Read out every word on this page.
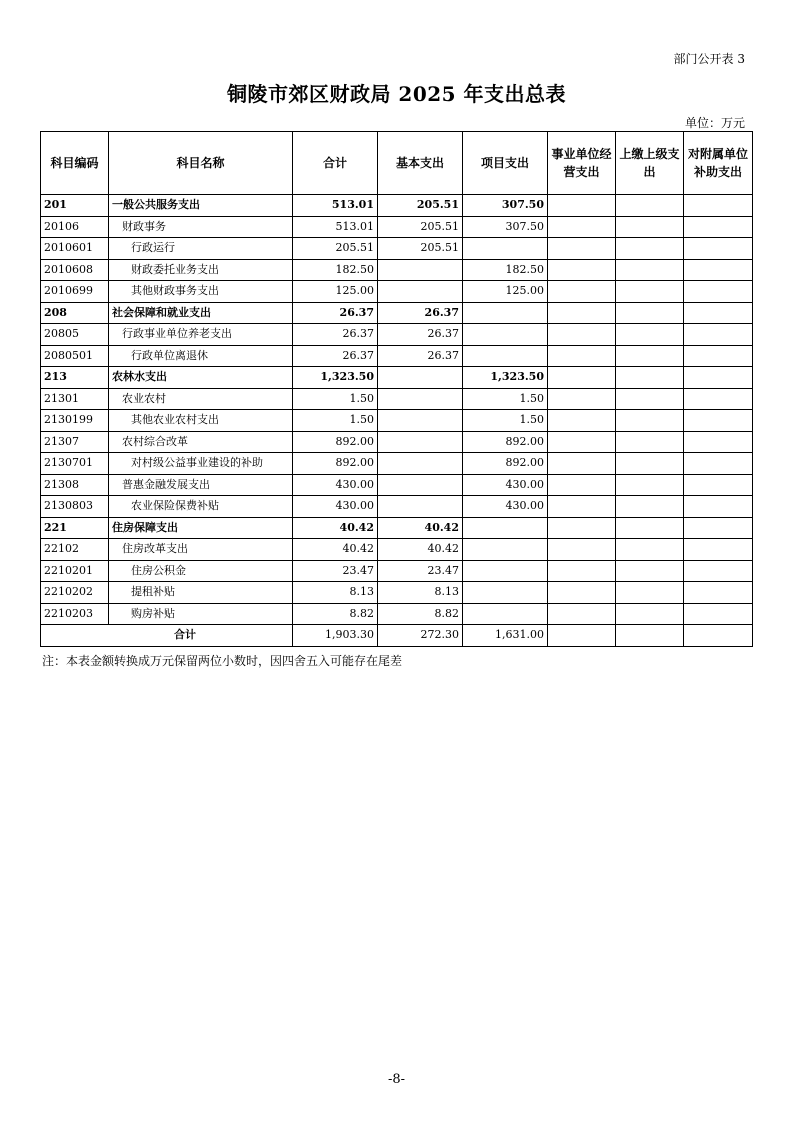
部门公开表 3
铜陵市郊区财政局 2025 年支出总表
单位：万元
科目编码	科目名称	合计	基本支出	项目支出	事业单位经营支出	上缴上级支出	对附属单位补助支出
201	一般公共服务支出	513.01	205.51	307.50			
20106	财政事务	513.01	205.51	307.50			
2010601	行政运行	205.51	205.51				
2010608	财政委托业务支出	182.50		182.50			
2010699	其他财政事务支出	125.00		125.00			
208	社会保障和就业支出	26.37	26.37				
20805	行政事业单位养老支出	26.37	26.37				
2080501	行政单位离退休	26.37	26.37				
213	农林水支出	1,323.50		1,323.50			
21301	农业农村	1.50		1.50			
2130199	其他农业农村支出	1.50		1.50			
21307	农村综合改革	892.00		892.00			
2130701	对村级公益事业建设的补助	892.00		892.00			
21308	普惠金融发展支出	430.00		430.00			
2130803	农业保险保费补贴	430.00		430.00			
221	住房保障支出	40.42	40.42				
22102	住房改革支出	40.42	40.42				
2210201	住房公积金	23.47	23.47				
2210202	提租补贴	8.13	8.13				
2210203	购房补贴	8.82	8.82				
合计		1,903.30	272.30	1,631.00			
注：本表金额转换成万元保留两位小数时，因四舍五入可能存在尾差
-8-
